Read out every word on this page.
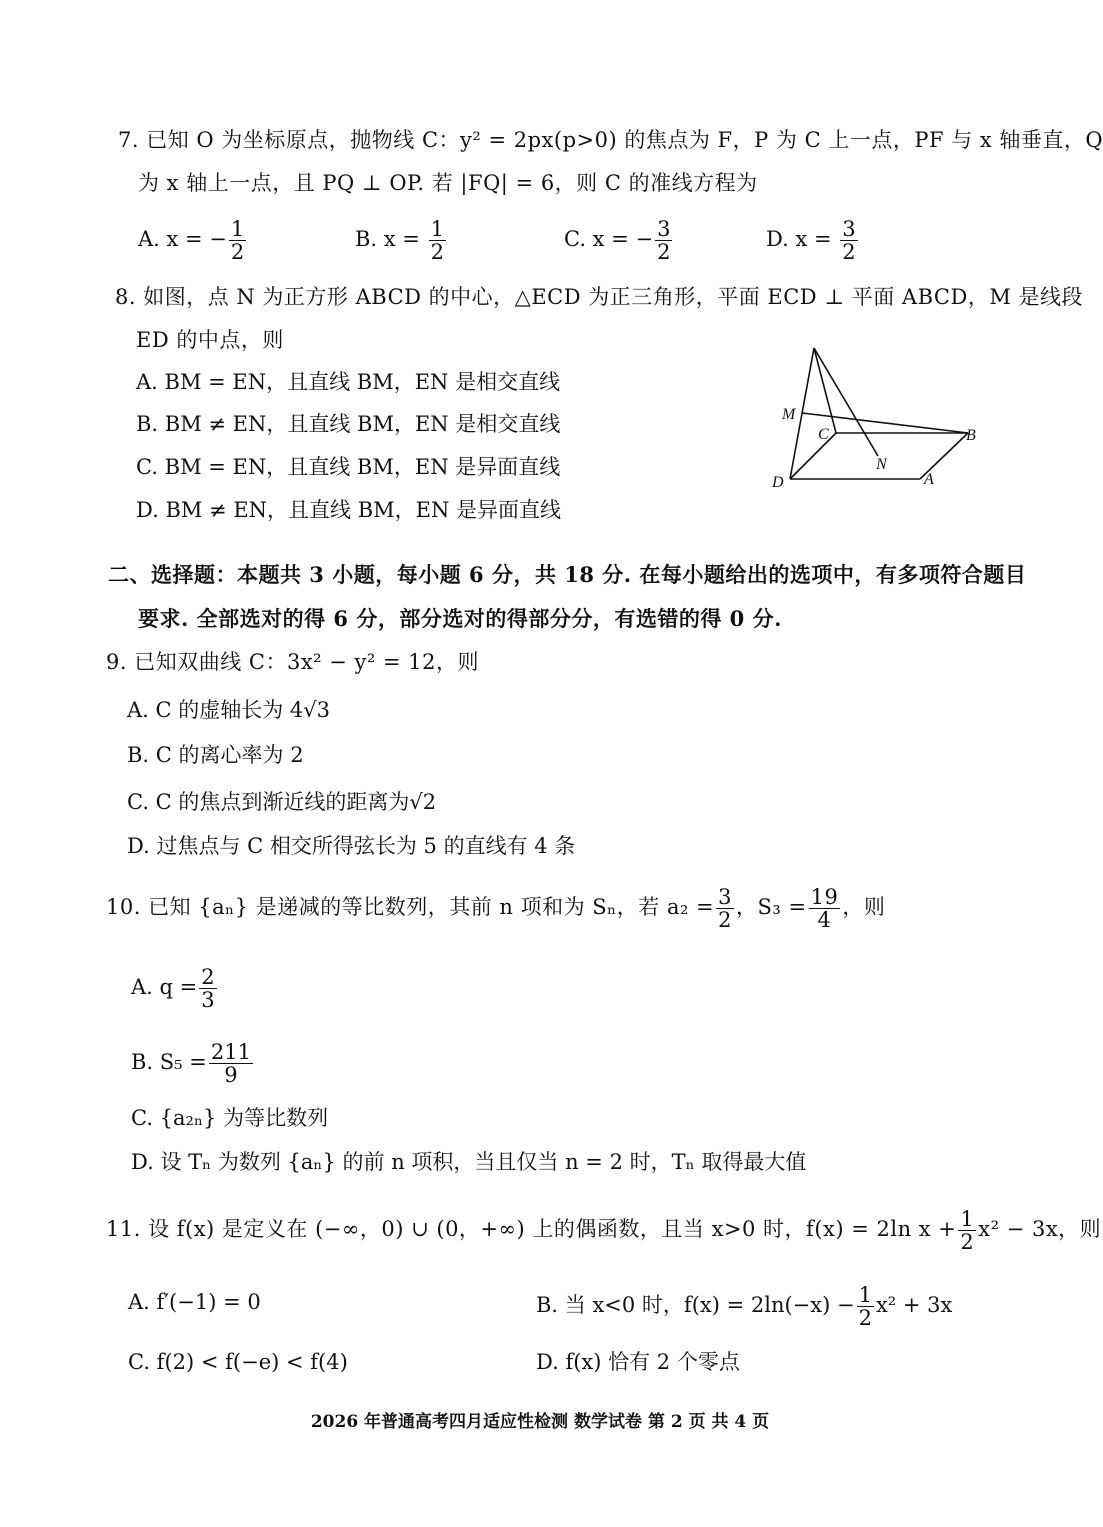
7. 已知 O 为坐标原点，抛物线 C：y² = 2px(p>0) 的焦点为 F，P 为 C 上一点，PF 与 x 轴垂直，Q
为 x 轴上一点，且 PQ ⊥ OP. 若 |FQ| = 6，则 C 的准线方程为
A. x = − $\frac{1}{2}$	B. $x = \frac{1}{2}$	C. x = − $\frac{3}{2}$	D. $x = \frac{3}{2}$
8. 如图，点 N 为正方形 ABCD 的中心，△ECD 为正三角形，平面 ECD ⊥ 平面 ABCD，M 是线段
ED 的中点，则
A. BM = EN，且直线 BM，EN 是相交直线
B. BM ≠ EN，且直线 BM，EN 是相交直线
C. BM = EN，且直线 BM，EN 是异面直线
D. BM ≠ EN，且直线 BM，EN 是异面直线
M
C	B
N
D	A
二、选择题：本题共 3 小题，每小题 6 分，共 18 分. 在每小题给出的选项中，有多项符合题目
要求. 全部选对的得 6 分，部分选对的得部分分，有选错的得 0 分.
9. 已知双曲线 C：3x² − y² = 12，则
A. C 的虚轴长为 4√3
B. C 的离心率为 2
C. C 的焦点到渐近线的距离为√2
D. 过焦点与 C 相交所得弦长为 5 的直线有 4 条
10. 已知 {aₙ} 是递减的等比数列，其前 n 项和为 Sₙ，若 $a_2 = \frac{3}{2}$ ，$S_3 = \frac{19}{4}$ ，则
A. $q = \frac{2}{3}$
B. $S_5 = \frac{211}{9}$
C. {a₂ₙ} 为等比数列
D. 设 Tₙ 为数列 {aₙ} 的前 n 项积，当且仅当 n = 2 时，Tₙ 取得最大值
11. 设 f(x) 是定义在 (−∞，0) ∪ (0，+∞) 上的偶函数，且当 x>0 时，f(x) = 2ln $x + \frac{1}{2} x^2 - 3x$，则
A. f′(−1) = 0	B. 当 x<0 时，$f(x) = 2\ln(-x) - \frac{1}{2} x^2 + 3x$
C. f(2) < f(−e) < f(4)	D. f(x) 恰有 2 个零点
2026 年普通高考四月适应性检测 数学试卷 第 2 页 共 4 页
